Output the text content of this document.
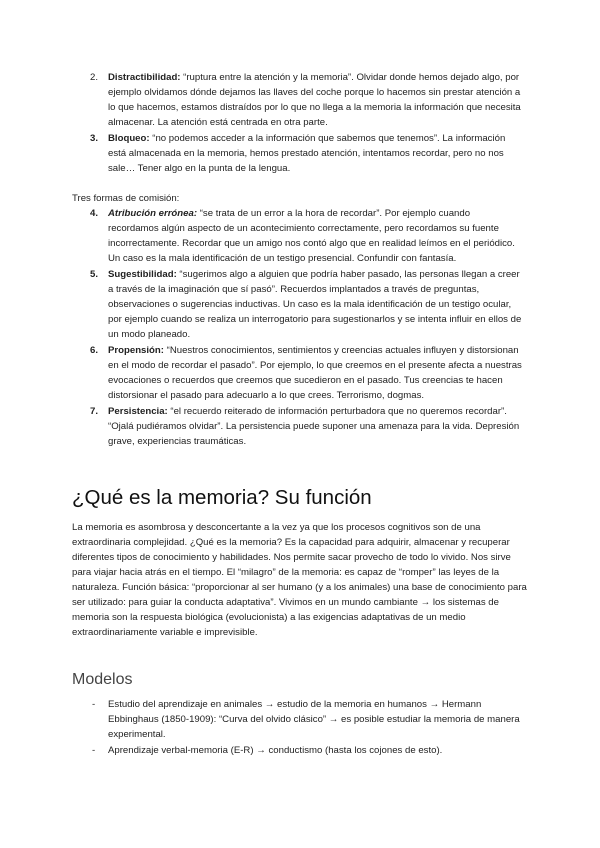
2. Distractibilidad: “ruptura entre la atención y la memoria”. Olvidar donde hemos dejado algo, por ejemplo olvidamos dónde dejamos las llaves del coche porque lo hacemos sin prestar atención a lo que hacemos, estamos distraídos por lo que no llega a la memoria la información que necesita almacenar. La atención está centrada en otra parte.

3. Bloqueo: “no podemos acceder a la información que sabemos que tenemos”. La información está almacenada en la memoria, hemos prestado atención, intentamos recordar, pero no nos sale… Tener algo en la punta de la lengua.

Tres formas de comisión:

4. Atribución errónea: “se trata de un error a la hora de recordar”. Por ejemplo cuando recordamos algún aspecto de un acontecimiento correctamente, pero recordamos su fuente incorrectamente. Recordar que un amigo nos contó algo que en realidad leímos en el periódico. Un caso es la mala identificación de un testigo presencial. Confundir con fantasía.

5. Sugestibilidad: “sugerimos algo a alguien que podría haber pasado, las personas llegan a creer a través de la imaginación que sí pasó”. Recuerdos implantados a través de preguntas, observaciones o sugerencias inductivas. Un caso es la mala identificación de un testigo ocular, por ejemplo cuando se realiza un interrogatorio para sugestionarlos y se intenta influir en ellos de un modo planeado.

6. Propensión: “Nuestros conocimientos, sentimientos y creencias actuales influyen y distorsionan en el modo de recordar el pasado”. Por ejemplo, lo que creemos en el presente afecta a nuestras evocaciones o recuerdos que creemos que sucedieron en el pasado. Tus creencias te hacen distorsionar el pasado para adecuarlo a lo que crees. Terrorismo, dogmas.

7. Persistencia: “el recuerdo reiterado de información perturbadora que no queremos recordar”. “Ojalá pudiéramos olvidar”. La persistencia puede suponer una amenaza para la vida. Depresión grave, experiencias traumáticas.

¿Qué es la memoria? Su función

La memoria es asombrosa y desconcertante a la vez ya que los procesos cognitivos son de una extraordinaria complejidad. ¿Qué es la memoria? Es la capacidad para adquirir, almacenar y recuperar diferentes tipos de conocimiento y habilidades. Nos permite sacar provecho de todo lo vivido. Nos sirve para viajar hacia atrás en el tiempo. El “milagro” de la memoria: es capaz de “romper” las leyes de la naturaleza. Función básica: “proporcionar al ser humano (y a los animales) una base de conocimiento para ser utilizado: para guiar la conducta adaptativa”. Vivimos en un mundo cambiante → los sistemas de memoria son la respuesta biológica (evolucionista) a las exigencias adaptativas de un medio extraordinariamente variable e imprevisible.

Modelos

- Estudio del aprendizaje en animales → estudio de la memoria en humanos → Hermann Ebbinghaus (1850-1909): “Curva del olvido clásico” → es posible estudiar la memoria de manera experimental.

- Aprendizaje verbal-memoria (E-R) → conductismo (hasta los cojones de esto).
